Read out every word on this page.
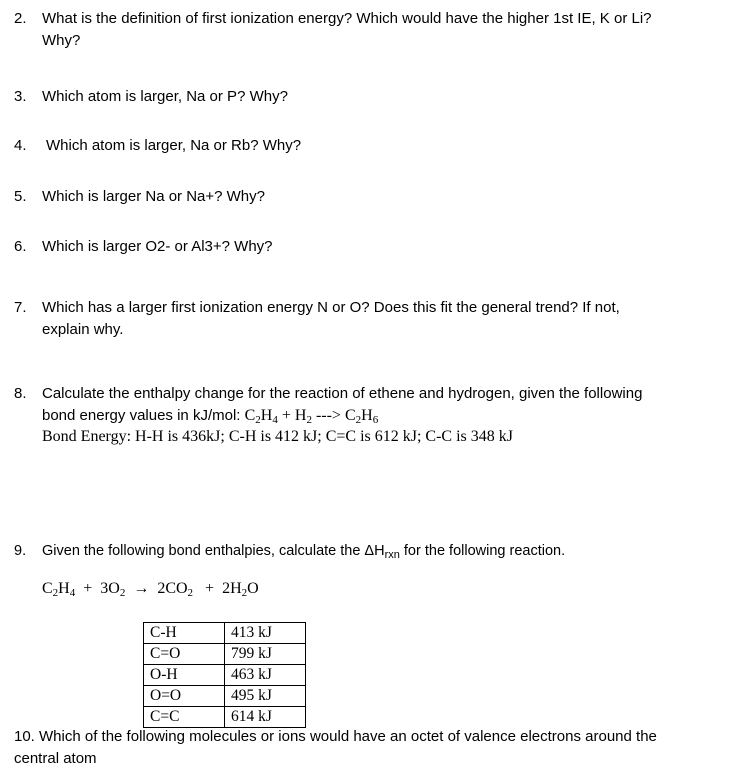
2.	What is the definition of first ionization energy? Which would have the higher 1st IE, K or Li?
Why?
3.	Which atom is larger, Na or P? Why?
4.	Which atom is larger, Na or Rb? Why?
5.	Which is larger Na or Na+? Why?
6.	Which is larger O2- or Al3+? Why?
7.	Which has a larger first ionization energy N or O? Does this fit the general trend? If not,
explain why.
8.	Calculate the enthalpy change for the reaction of ethene and hydrogen, given the following
bond energy values in kJ/mol: $C_2H_4 + H_2$ ---> $C_2H_6$
Bond Energy: H-H is 436kJ; C-H is 412 kJ; C=C is 612 kJ; C-C is 348 kJ
9.	Given the following bond enthalpies, calculate the $\Delta H_{rxn}$ for the following reaction.
$C_2H_4 + 3O_2 \to 2CO_2 + 2H_2O$
C-H	413 kJ
C=O	799 kJ
O-H	463 kJ
O=O	495 kJ
C=C	614 kJ
10. Which of the following molecules or ions would have an octet of valence electrons around the central atom
